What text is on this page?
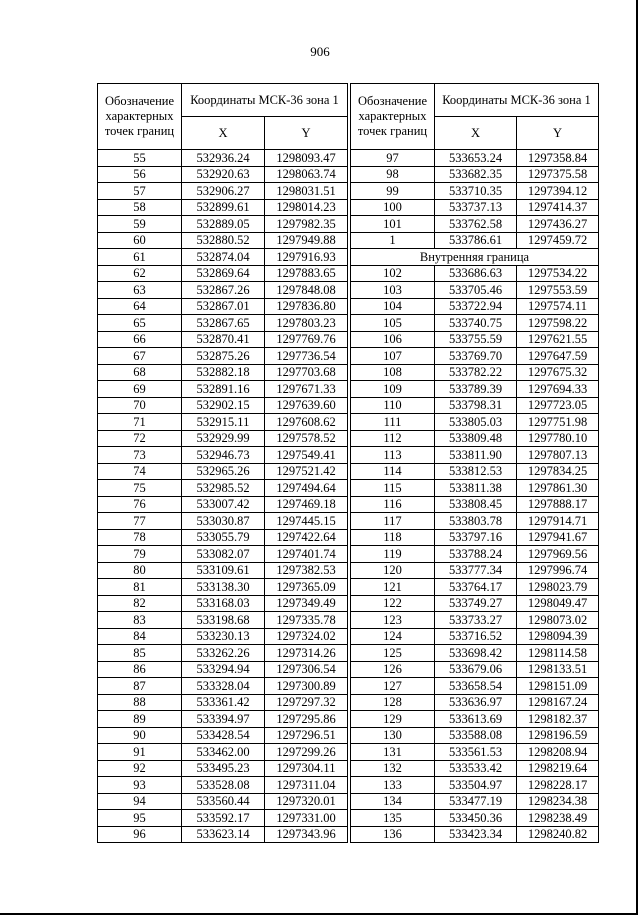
906
Обозначение характерных точек границ	Координаты МСК-36 зона 1	
	X	Y
55	532936.24	1298093.47
56	532920.63	1298063.74
57	532906.27	1298031.51
58	532899.61	1298014.23
59	532889.05	1297982.35
60	532880.52	1297949.88
61	532874.04	1297916.93
62	532869.64	1297883.65
63	532867.26	1297848.08
64	532867.01	1297836.80
65	532867.65	1297803.23
66	532870.41	1297769.76
67	532875.26	1297736.54
68	532882.18	1297703.68
69	532891.16	1297671.33
70	532902.15	1297639.60
71	532915.11	1297608.62
72	532929.99	1297578.52
73	532946.73	1297549.41
74	532965.26	1297521.42
75	532985.52	1297494.64
76	533007.42	1297469.18
77	533030.87	1297445.15
78	533055.79	1297422.64
79	533082.07	1297401.74
80	533109.61	1297382.53
81	533138.30	1297365.09
82	533168.03	1297349.49
83	533198.68	1297335.78
84	533230.13	1297324.02
85	533262.26	1297314.26
86	533294.94	1297306.54
87	533328.04	1297300.89
88	533361.42	1297297.32
89	533394.97	1297295.86
90	533428.54	1297296.51
91	533462.00	1297299.26
92	533495.23	1297304.11
93	533528.08	1297311.04
94	533560.44	1297320.01
95	533592.17	1297331.00
96	533623.14	1297343.96
Обозначение характерных точек границ	Координаты МСК-36 зона 1	
	X	Y
97	533653.24	1297358.84
98	533682.35	1297375.58
99	533710.35	1297394.12
100	533737.13	1297414.37
101	533762.58	1297436.27
1	533786.61	1297459.72
Внутренняя граница		
102	533686.63	1297534.22
103	533705.46	1297553.59
104	533722.94	1297574.11
105	533740.75	1297598.22
106	533755.59	1297621.55
107	533769.70	1297647.59
108	533782.22	1297675.32
109	533789.39	1297694.33
110	533798.31	1297723.05
111	533805.03	1297751.98
112	533809.48	1297780.10
113	533811.90	1297807.13
114	533812.53	1297834.25
115	533811.38	1297861.30
116	533808.45	1297888.17
117	533803.78	1297914.71
118	533797.16	1297941.67
119	533788.24	1297969.56
120	533777.34	1297996.74
121	533764.17	1298023.79
122	533749.27	1298049.47
123	533733.27	1298073.02
124	533716.52	1298094.39
125	533698.42	1298114.58
126	533679.06	1298133.51
127	533658.54	1298151.09
128	533636.97	1298167.24
129	533613.69	1298182.37
130	533588.08	1298196.59
131	533561.53	1298208.94
132	533533.42	1298219.64
133	533504.97	1298228.17
134	533477.19	1298234.38
135	533450.36	1298238.49
136	533423.34	1298240.82
